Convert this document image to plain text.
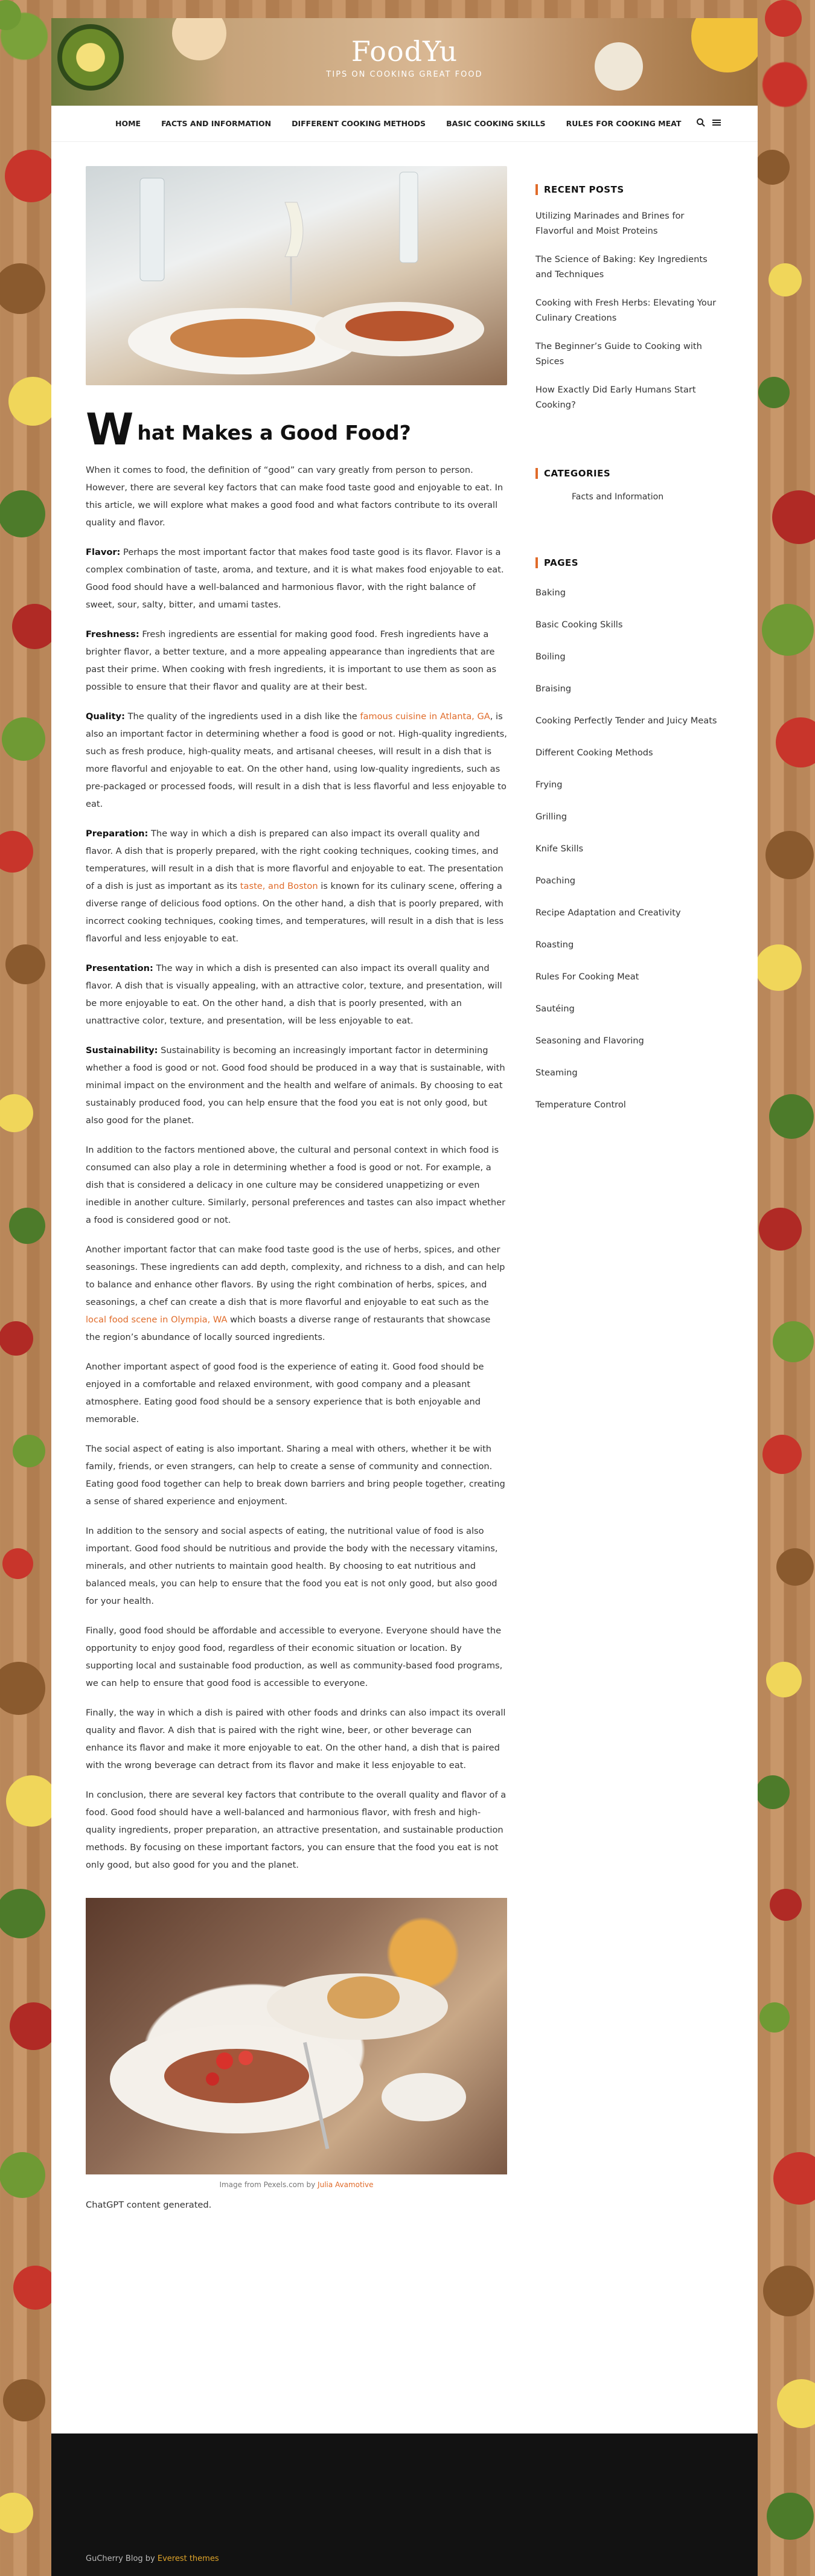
FoodYu

TIPS ON COOKING GREAT FOOD

HOME	FACTS AND INFORMATION	DIFFERENT COOKING METHODS	BASIC COOKING SKILLS	RULES FOR COOKING MEAT
W hat Makes a Good Food?

When it comes to food, the definition of “good” can vary greatly from person to person. However, there are several key factors that can make food taste good and enjoyable to eat. In this article, we will explore what makes a good food and what factors contribute to its overall quality and flavor.

Flavor: Perhaps the most important factor that makes food taste good is its flavor. Flavor is a complex combination of taste, aroma, and texture, and it is what makes food enjoyable to eat. Good food should have a well-balanced and harmonious flavor, with the right balance of sweet, sour, salty, bitter, and umami tastes.

Freshness: Fresh ingredients are essential for making good food. Fresh ingredients have a brighter flavor, a better texture, and a more appealing appearance than ingredients that are past their prime. When cooking with fresh ingredients, it is important to use them as soon as possible to ensure that their flavor and quality are at their best.

Quality: The quality of the ingredients used in a dish like the famous cuisine in Atlanta, GA, is also an important factor in determining whether a food is good or not. High-quality ingredients, such as fresh produce, high-quality meats, and artisanal cheeses, will result in a dish that is more flavorful and enjoyable to eat. On the other hand, using low-quality ingredients, such as pre-packaged or processed foods, will result in a dish that is less flavorful and less enjoyable to eat.

Preparation: The way in which a dish is prepared can also impact its overall quality and flavor. A dish that is properly prepared, with the right cooking techniques, cooking times, and temperatures, will result in a dish that is more flavorful and enjoyable to eat. The presentation of a dish is just as important as its taste, and Boston is known for its culinary scene, offering a diverse range of delicious food options. On the other hand, a dish that is poorly prepared, with incorrect cooking techniques, cooking times, and temperatures, will result in a dish that is less flavorful and less enjoyable to eat.

Presentation: The way in which a dish is presented can also impact its overall quality and flavor. A dish that is visually appealing, with an attractive color, texture, and presentation, will be more enjoyable to eat. On the other hand, a dish that is poorly presented, with an unattractive color, texture, and presentation, will be less enjoyable to eat.

Sustainability: Sustainability is becoming an increasingly important factor in determining whether a food is good or not. Good food should be produced in a way that is sustainable, with minimal impact on the environment and the health and welfare of animals. By choosing to eat sustainably produced food, you can help ensure that the food you eat is not only good, but also good for the planet.

In addition to the factors mentioned above, the cultural and personal context in which food is consumed can also play a role in determining whether a food is good or not. For example, a dish that is considered a delicacy in one culture may be considered unappetizing or even inedible in another culture. Similarly, personal preferences and tastes can also impact whether a food is considered good or not.

Another important factor that can make food taste good is the use of herbs, spices, and other seasonings. These ingredients can add depth, complexity, and richness to a dish, and can help to balance and enhance other flavors. By using the right combination of herbs, spices, and seasonings, a chef can create a dish that is more flavorful and enjoyable to eat such as the local food scene in Olympia, WA which boasts a diverse range of restaurants that showcase the region’s abundance of locally sourced ingredients.

Another important aspect of good food is the experience of eating it. Good food should be enjoyed in a comfortable and relaxed environment, with good company and a pleasant atmosphere. Eating good food should be a sensory experience that is both enjoyable and memorable.

The social aspect of eating is also important. Sharing a meal with others, whether it be with family, friends, or even strangers, can help to create a sense of community and connection. Eating good food together can help to break down barriers and bring people together, creating a sense of shared experience and enjoyment.

In addition to the sensory and social aspects of eating, the nutritional value of food is also important. Good food should be nutritious and provide the body with the necessary vitamins, minerals, and other nutrients to maintain good health. By choosing to eat nutritious and balanced meals, you can help to ensure that the food you eat is not only good, but also good for your health.

Finally, good food should be affordable and accessible to everyone. Everyone should have the opportunity to enjoy good food, regardless of their economic situation or location. By supporting local and sustainable food production, as well as community-based food programs, we can help to ensure that good food is accessible to everyone.

Finally, the way in which a dish is paired with other foods and drinks can also impact its overall quality and flavor. A dish that is paired with the right wine, beer, or other beverage can enhance its flavor and make it more enjoyable to eat. On the other hand, a dish that is paired with the wrong beverage can detract from its flavor and make it less enjoyable to eat.

In conclusion, there are several key factors that contribute to the overall quality and flavor of a food. Good food should have a well-balanced and harmonious flavor, with fresh and high-quality ingredients, proper preparation, an attractive presentation, and sustainable production methods. By focusing on these important factors, you can ensure that the food you eat is not only good, but also good for you and the planet.

Image from Pexels.com by Julia Avamotive

ChatGPT content generated.

RECENT POSTS
Utilizing Marinades and Brines for Flavorful and Moist Proteins
The Science of Baking: Key Ingredients and Techniques
Cooking with Fresh Herbs: Elevating Your Culinary Creations
The Beginner’s Guide to Cooking with Spices
How Exactly Did Early Humans Start Cooking?
CATEGORIES
Facts and Information
PAGES
Baking
Basic Cooking Skills
Boiling
Braising
Cooking Perfectly Tender and Juicy Meats
Different Cooking Methods
Frying
Grilling
Knife Skills
Poaching
Recipe Adaptation and Creativity
Roasting
Rules For Cooking Meat
Sautéing
Seasoning and Flavoring
Steaming
Temperature Control

GuCherry Blog by Everest themes
